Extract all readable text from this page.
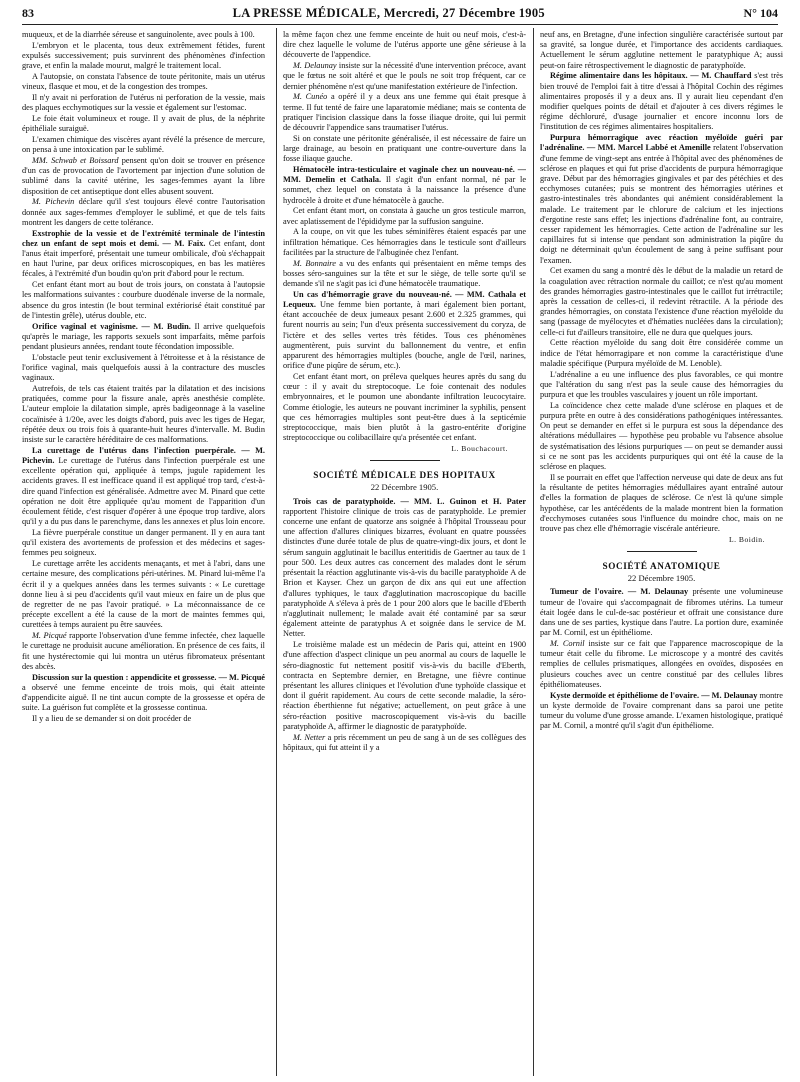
83	LA PRESSE MÉDICALE, Mercredi, 27 Décembre 1905	N° 104

muqueux, et de la diarrhée séreuse et sanguinolente, avec pouls à 100.

L'embryon et le placenta, tous deux extrêmement fétides, furent expulsés successivement; puis survinrent des phénomènes d'infection grave, et enfin la malade mourut, malgré le traitement local.

A l'autopsie, on constata l'absence de toute péritonite, mais un utérus vineux, flasque et mou, et de la congestion des trompes.

Il n'y avait ni perforation de l'utérus ni perforation de la vessie, mais des plaques ecchymotiques sur la vessie et également sur l'estomac.

Le foie était volumineux et rouge. Il y avait de plus, de la néphrite épithéliale suraiguë.

L'examen chimique des viscères ayant révélé la présence de mercure, on pensa à une intoxication par le sublimé.

MM. Schwab et Boissard pensent qu'on doit se trouver en présence d'un cas de provocation de l'avortement par injection d'une solution de sublimé dans la cavité utérine, les sages-femmes ayant la libre disposition de cet antiseptique dont elles abusent souvent.

M. Pichevin déclare qu'il s'est toujours élevé contre l'autorisation donnée aux sages-femmes d'employer le sublimé, et que de tels faits montrent les dangers de cette tolérance.

Exstrophie de la vessie et de l'extrémité terminale de l'intestin chez un enfant de sept mois et demi. — M. Faix. Cet enfant, dont l'anus était imperforé, présentait une tumeur ombilicale, d'où s'échappait en haut l'urine, par deux orifices microscopiques, en bas les matières fécales, à l'extrémité d'un boudin qu'on prit d'abord pour le rectum.

Cet enfant étant mort au bout de trois jours, on constata à l'autopsie les malformations suivantes : courbure duodénale inverse de la normale, absence du gros intestin (le bout terminal extériorisé était constitué par de l'intestin grêle), utérus double, etc.

Orifice vaginal et vaginisme. — M. Budin. Il arrive quelquefois qu'après le mariage, les rapports sexuels sont imparfaits, même parfois pendant plusieurs années, rendant toute fécondation impossible.

L'obstacle peut tenir exclusivement à l'étroitesse et à la résistance de l'orifice vaginal, mais quelquefois aussi à la contracture des muscles vaginaux.

Autrefois, de tels cas étaient traités par la dilatation et des incisions pratiquées, comme pour la fissure anale, après anesthésie complète. L'auteur emploie la dilatation simple, après badigeonnage à la vaseline cocaïnisée à 1/20e, avec les doigts d'abord, puis avec les tiges de Hegar, répétée deux ou trois fois à quarante-huit heures d'intervalle. M. Budin insiste sur le caractère héréditaire de ces malformations.

La curettage de l'utérus dans l'infection puerpérale. — M. Pichevin. Le curettage de l'utérus dans l'infection puerpérale est une excellente opération qui, appliquée à temps, jugule rapidement les accidents graves. Il est inefficace quand il est appliqué trop tard, c'est-à-dire quand l'infection est généralisée. Admettre avec M. Pinard que cette opération ne doit être appliquée qu'au moment de l'apparition d'un écoulement fétide, c'est risquer d'opérer à une époque trop tardive, alors qu'il y a du pus dans le parenchyme, dans les annexes et plus loin encore.

La fièvre puerpérale constitue un danger permanent. Il y en aura tant qu'il existera des avortements de profession et des médecins et sages-femmes peu soigneux.

Le curettage arrête les accidents menaçants, et met à l'abri, dans une certaine mesure, des complications péri-utérines. M. Pinard lui-même l'a écrit il y a quelques années dans les termes suivants : « Le curettage donne lieu à si peu d'accidents qu'il vaut mieux en faire un de plus que de regretter de ne pas l'avoir pratiqué. » La méconnaissance de ce précepte excellent a été la cause de la mort de maintes femmes qui, curettées à temps auraient pu être sauvées.

M. Picqué rapporte l'observation d'une femme infectée, chez laquelle le curettage ne produisit aucune amélioration. En présence de ces faits, il fit une hystérectomie qui lui montra un utérus fibromateux présentant des abcès.

Discussion sur la question : appendicite et grossesse. — M. Picqué a observé une femme enceinte de trois mois, qui était atteinte d'appendicite aiguë. Il ne tint aucun compte de la grossesse et opéra de suite. La guérison fut complète et la grossesse continua.

Il y a lieu de se demander si on doit procéder de

la même façon chez une femme enceinte de huit ou neuf mois, c'est-à-dire chez laquelle le volume de l'utérus apporte une gêne sérieuse à la découverte de l'appendice.

M. Delaunay insiste sur la nécessité d'une intervention précoce, avant que le fœtus ne soit altéré et que le pouls ne soit trop fréquent, car ce dernier phénomène n'est qu'une manifestation extérieure de l'infection.

M. Cunéo a opéré il y a deux ans une femme qui était presque à terme. Il fut tenté de faire une laparatomie médiane; mais se contenta de pratiquer l'incision classique dans la fosse iliaque droite, qui lui permit de découvrir l'appendice sans traumatiser l'utérus.

Si on constate une péritonite généralisée, il est nécessaire de faire un large drainage, au besoin en pratiquant une contre-ouverture dans la fosse iliaque gauche.

Hématocèle intra-testiculaire et vaginale chez un nouveau-né. — MM. Demelin et Cathala. Il s'agit d'un enfant normal, né par le sommet, chez lequel on constata à la naissance la présence d'une hydrocèle à droite et d'une hématocèle à gauche.

Cet enfant étant mort, on constata à gauche un gros testicule marron, avec aplatissement de l'épididyme par la suffusion sanguine.

A la coupe, on vit que les tubes séminifères étaient espacés par une infiltration hématique. Ces hémorragies dans le testicule sont d'ailleurs facilitées par la structure de l'albuginée chez l'enfant.

M. Bonnaire a vu des enfants qui présentaient en même temps des bosses séro-sanguines sur la tête et sur le siège, de telle sorte qu'il se demande s'il ne s'agit pas ici d'une hématocèle traumatique.

Un cas d'hémorragie grave du nouveau-né. — MM. Cathala et Lequeux. Une femme bien portante, à mari également bien portant, étant accouchée de deux jumeaux pesant 2.600 et 2.325 grammes, qui furent nourris au sein; l'un d'eux présenta successivement du coryza, de l'ictère et des selles vertes très fétides. Tous ces phénomènes augmentèrent, puis survint du ballonnement du ventre, et enfin apparurent des hémorragies multiples (bouche, angle de l'œil, narines, orifice d'une piqûre de sérum, etc.).

Cet enfant étant mort, on préleva quelques heures après du sang du cœur : il y avait du streptocoque. Le foie contenait des nodules embryonnaires, et le poumon une abondante infiltration leucocytaire. Comme étiologie, les auteurs ne pouvant incriminer la syphilis, pensent que ces hémorragies multiples sont peut-être dues à la septicémie streptococcique, mais bien plutôt à la gastro-entérite d'origine streptococcique ou colibacillaire qu'a présentée cet enfant.

L. Bouchacourt.

SOCIÉTÉ MÉDICALE DES HOPITAUX
22 Décembre 1905.

Trois cas de paratyphoïde. — MM. L. Guinon et H. Pater rapportent l'histoire clinique de trois cas de paratyphoïde. Le premier concerne une enfant de quatorze ans soignée à l'hôpital Trousseau pour une affection d'allures cliniques bizarres, évoluant en quatre poussées distinctes d'une durée totale de plus de quatre-vingt-dix jours, et dont le sérum sanguin agglutinait le bacillus enteritidis de Gaertner au taux de 1 pour 500. Les deux autres cas concernent des malades dont le sérum présentait la réaction agglutinante vis-à-vis du bacille paratyphoïde A de Brion et Kayser. Chez un garçon de dix ans qui eut une affection d'allures typhiques, le taux d'agglutination macroscopique du bacille paratyphoïde A s'éleva à près de 1 pour 200 alors que le bacille d'Eberth n'agglutinait nullement; le malade avait été contaminé par sa sœur également atteinte de paratyphus A et soignée dans le service de M. Netter.

Le troisième malade est un médecin de Paris qui, atteint en 1900 d'une affection d'aspect clinique un peu anormal au cours de laquelle le séro-diagnostic fut nettement positif vis-à-vis du bacille d'Eberth, contracta en Septembre dernier, en Bretagne, une fièvre continue présentant les allures cliniques et l'évolution d'une typhoïde classique et dont il guérit rapidement. Au cours de cette seconde maladie, la séro-réaction éberthienne fut négative; actuellement, on peut grâce à une séro-réaction positive macroscopiquement vis-à-vis du bacille paratyphoïde A, affirmer le diagnostic de paratyphoïde.

M. Netter a pris récemment un peu de sang à un de ses collègues des hôpitaux, qui fut atteint il y a

neuf ans, en Bretagne, d'une infection singulière caractérisée surtout par sa gravité, sa longue durée, et l'importance des accidents cardiaques. Actuellement le sérum agglutine nettement le paratyphique A; aussi peut-on faire rétrospectivement le diagnostic de paratyphoïde.

Régime alimentaire dans les hôpitaux. — M. Chauffard s'est très bien trouvé de l'emploi fait à titre d'essai à l'hôpital Cochin des régimes alimentaires proposés il y a deux ans. Il y aurait lieu cependant d'en modifier quelques points de détail et d'ajouter à ces divers régimes le régime déchloruré, d'usage journalier et encore inconnu lors de l'institution de ces régimes alimentaires hospitaliers.

Purpura hémorragique avec réaction myéloïde guéri par l'adrénaline. — MM. Marcel Labbé et Amenille relatent l'observation d'une femme de vingt-sept ans entrée à l'hôpital avec des phénomènes de sclérose en plaques et qui fut prise d'accidents de purpura hémorragique grave. Début par des hémorragies gingivales et par des pétéchies et des ecchymoses cutanées; puis se montrent des hémorragies utérines et gastro-intestinales très abondantes qui anémient considérablement la malade. Le traitement par le chlorure de calcium et les injections d'ergotine reste sans effet; les injections d'adrénaline font, au contraire, cesser rapidement les hémorragies. Cette action de l'adrénaline sur les capillaires fut si intense que pendant son administration la piqûre du doigt ne déterminait qu'un écoulement de sang à peine suffisant pour l'examen.

Cet examen du sang a montré dès le début de la maladie un retard de la coagulation avec rétraction normale du caillot; ce n'est qu'au moment des grandes hémorragies gastro-intestinales que le caillot fut irrétractile; après la cessation de celles-ci, il redevint rétractile. A la période des grandes hémorragies, on constata l'existence d'une réaction myéloïde du sang (passage de myélocytes et d'hématies nucléées dans la circulation); celle-ci fut d'ailleurs transitoire, elle ne dura que quelques jours.

Cette réaction myéloïde du sang doit être considérée comme un indice de l'état hémorragipare et non comme la caractéristique d'une maladie spécifique (Purpura myéloïde de M. Lenoble).

L'adrénaline a eu une influence des plus favorables, ce qui montre que l'altération du sang n'est pas la seule cause des hémorragies du purpura et que les troubles vasculaires y jouent un rôle important.

La coïncidence chez cette malade d'une sclérose en plaques et de purpura prête en outre à des considérations pathogéniques intéressantes. On peut se demander en effet si le purpura est sous la dépendance des altérations médullaires — hypothèse peu probable vu l'absence absolue de systématisation des lésions purpuriques — on peut se demander aussi si ce ne sont pas les accidents purpuriques qui ont été la cause de la sclérose en plaques.

Il se pourrait en effet que l'affection nerveuse qui date de deux ans fut la résultante de petites hémorragies médullaires ayant entraîné autour d'elles la formation de plaques de sclérose. Ce n'est là qu'une simple hypothèse, car les antécédents de la malade montrent bien la formation d'ecchymoses cutanées sous l'influence du moindre choc, mais on ne trouve pas chez elle d'hémorragie viscérale antérieure.

L. Boidin.

SOCIÉTÉ ANATOMIQUE
22 Décembre 1905.

Tumeur de l'ovaire. — M. Delaunay présente une volumineuse tumeur de l'ovaire qui s'accompagnait de fibromes utérins. La tumeur était logée dans le cul-de-sac postérieur et offrait une consistance dure dans une de ses parties, kystique dans l'autre. La portion dure, examinée par M. Cornil, est un épithéliome.

M. Cornil insiste sur ce fait que l'apparence macroscopique de la tumeur était celle du fibrome. Le microscope y a montré des cavités remplies de cellules prismatiques, allongées en ovoïdes, disposées en plusieurs couches avec un centre constitué par des cellules libres épithéliomateuses.

Kyste dermoïde et épithéliome de l'ovaire. — M. Delaunay montre un kyste dermoïde de l'ovaire comprenant dans sa paroi une petite tumeur du volume d'une grosse amande. L'examen histologique, pratiqué par M. Cornil, a montré qu'il s'agit d'un épithéliome.
